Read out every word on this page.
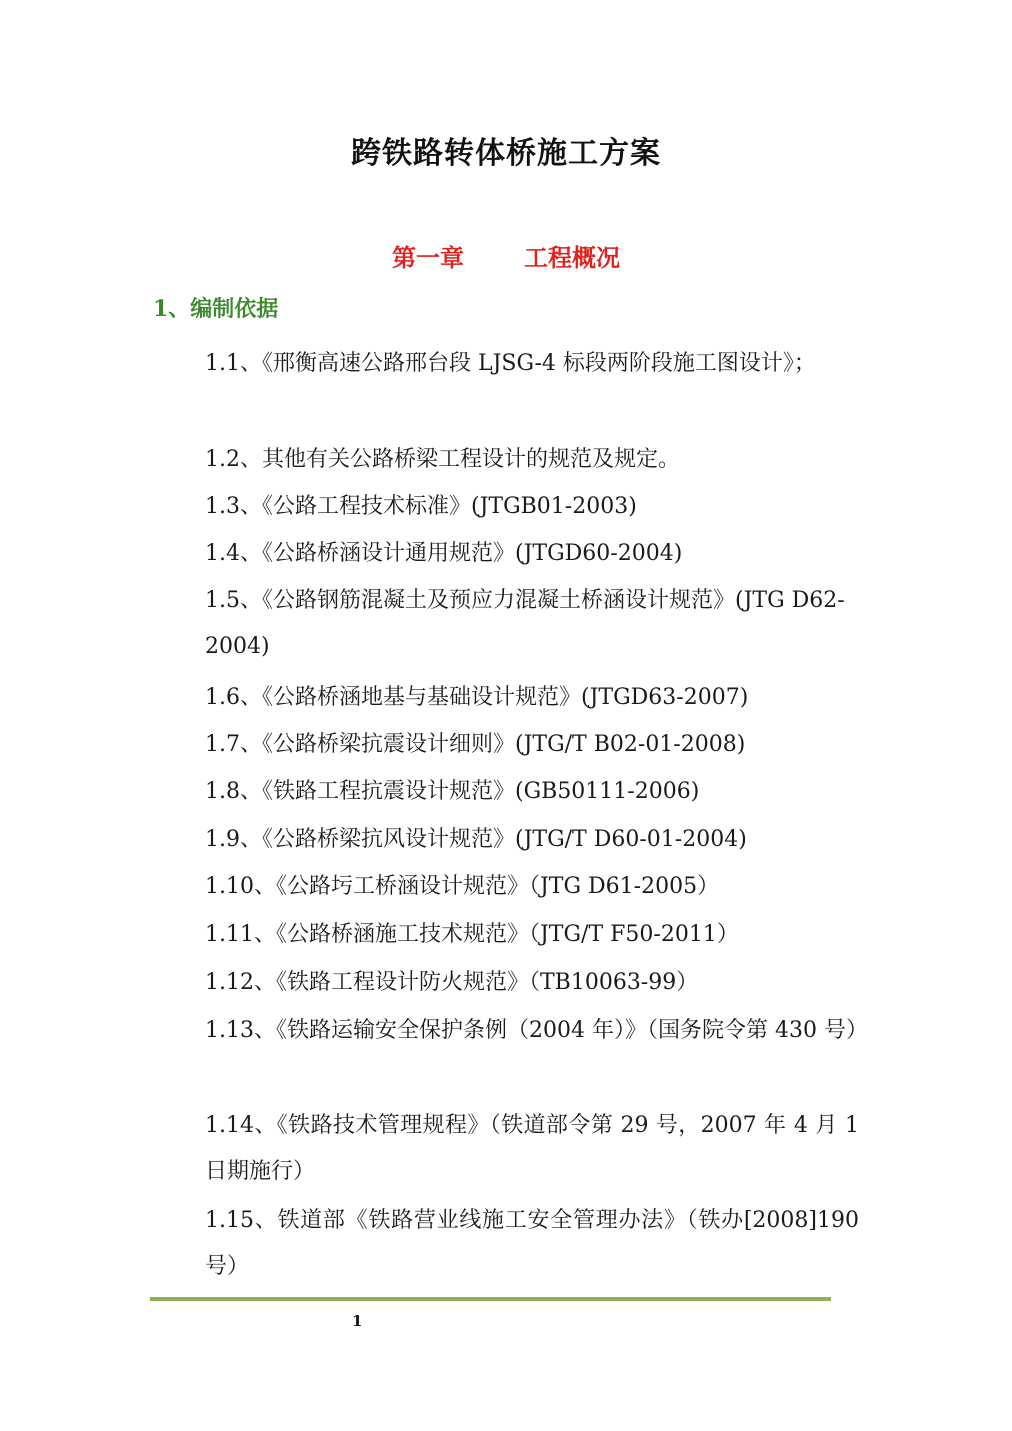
跨铁路转体桥施工方案
第一章	工程概况
1、编制依据
1.1、《邢衡高速公路邢台段 LJSG-4 标段两阶段施工图设计》；
1.2、其他有关公路桥梁工程设计的规范及规定。
1.3、《公路工程技术标准》(JTGB01-2003)
1.4、《公路桥涵设计通用规范》(JTGD60-2004)
1.5、《公路钢筋混凝土及预应力混凝土桥涵设计规范》(JTG D62-2004)
1.6、《公路桥涵地基与基础设计规范》(JTGD63-2007)
1.7、《公路桥梁抗震设计细则》(JTG/T B02-01-2008)
1.8、《铁路工程抗震设计规范》(GB50111-2006)
1.9、《公路桥梁抗风设计规范》(JTG/T D60-01-2004)
1.10、《公路圬工桥涵设计规范》（JTG D61-2005）
1.11、《公路桥涵施工技术规范》（JTG/T F50-2011）
1.12、《铁路工程设计防火规范》（TB10063-99）
1.13、《铁路运输安全保护条例（2004 年）》（国务院令第 430 号）
1.14、《铁路技术管理规程》（铁道部令第 29 号，2007 年 4 月 1 日期施行）
1.15、铁道部《铁路营业线施工安全管理办法》（铁办[2008]190 号）
1
